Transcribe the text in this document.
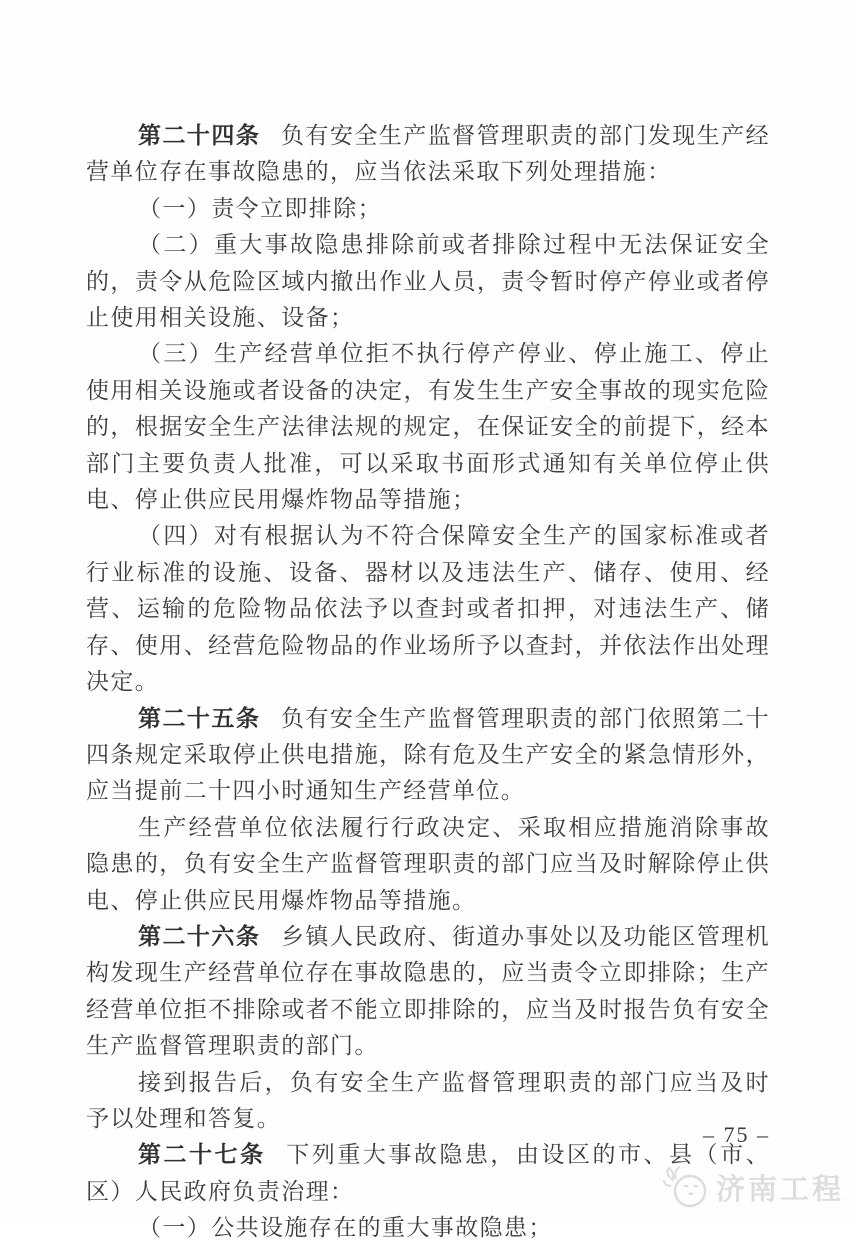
第二十四条 负有安全生产监督管理职责的部门发现生产经营单位存在事故隐患的，应当依法采取下列处理措施：

（一）责令立即排除；

（二）重大事故隐患排除前或者排除过程中无法保证安全的，责令从危险区域内撤出作业人员，责令暂时停产停业或者停止使用相关设施、设备；

（三）生产经营单位拒不执行停产停业、停止施工、停止使用相关设施或者设备的决定，有发生生产安全事故的现实危险的，根据安全生产法律法规的规定，在保证安全的前提下，经本部门主要负责人批准，可以采取书面形式通知有关单位停止供电、停止供应民用爆炸物品等措施；

（四）对有根据认为不符合保障安全生产的国家标准或者行业标准的设施、设备、器材以及违法生产、储存、使用、经营、运输的危险物品依法予以查封或者扣押，对违法生产、储存、使用、经营危险物品的作业场所予以查封，并依法作出处理决定。

第二十五条 负有安全生产监督管理职责的部门依照第二十四条规定采取停止供电措施，除有危及生产安全的紧急情形外，应当提前二十四小时通知生产经营单位。

生产经营单位依法履行行政决定、采取相应措施消除事故隐患的，负有安全生产监督管理职责的部门应当及时解除停止供电、停止供应民用爆炸物品等措施。

第二十六条 乡镇人民政府、街道办事处以及功能区管理机构发现生产经营单位存在事故隐患的，应当责令立即排除；生产经营单位拒不排除或者不能立即排除的，应当及时报告负有安全生产监督管理职责的部门。

接到报告后，负有安全生产监督管理职责的部门应当及时予以处理和答复。

第二十七条 下列重大事故隐患，由设区的市、县（市、区）人民政府负责治理：

（一）公共设施存在的重大事故隐患；

– 75 –
济南工程
